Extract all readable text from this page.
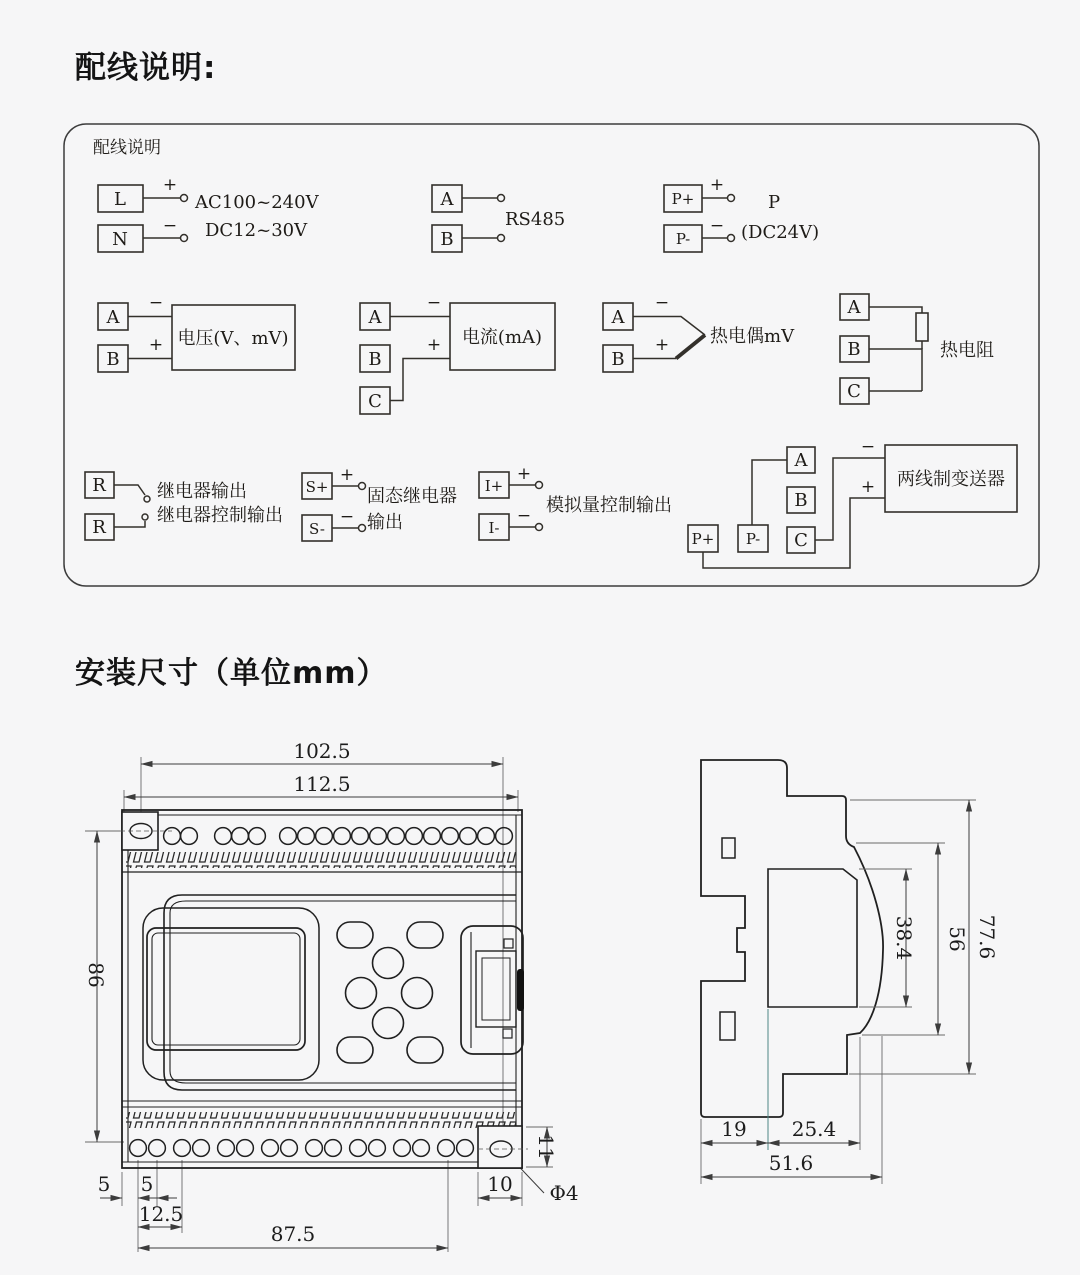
配线说明:
安装尺寸（单位mm）
配线说明
L
+
N
−
AC100~240V
DC12~30V
A
B
RS485
P+
+
P-
−
P
(DC24V)
A
−
B
+ 电压(V、mV)
A
−
B
C
+ 电流(mA)
A
−
B
+ 热电偶mV
A
B
C
热电阻
R
R
继电器输出
继电器控制输出
S+
+
S-
−
固态继电器
输出
I+
+
I-
− 模拟量控制输出
A
B
C
P+ P-
−
+ 两线制变送器
102.5
112.5
86
5 5
12.5
87.5
10
11
Φ4
38.4 56 77.6
19 25.4
51.6
